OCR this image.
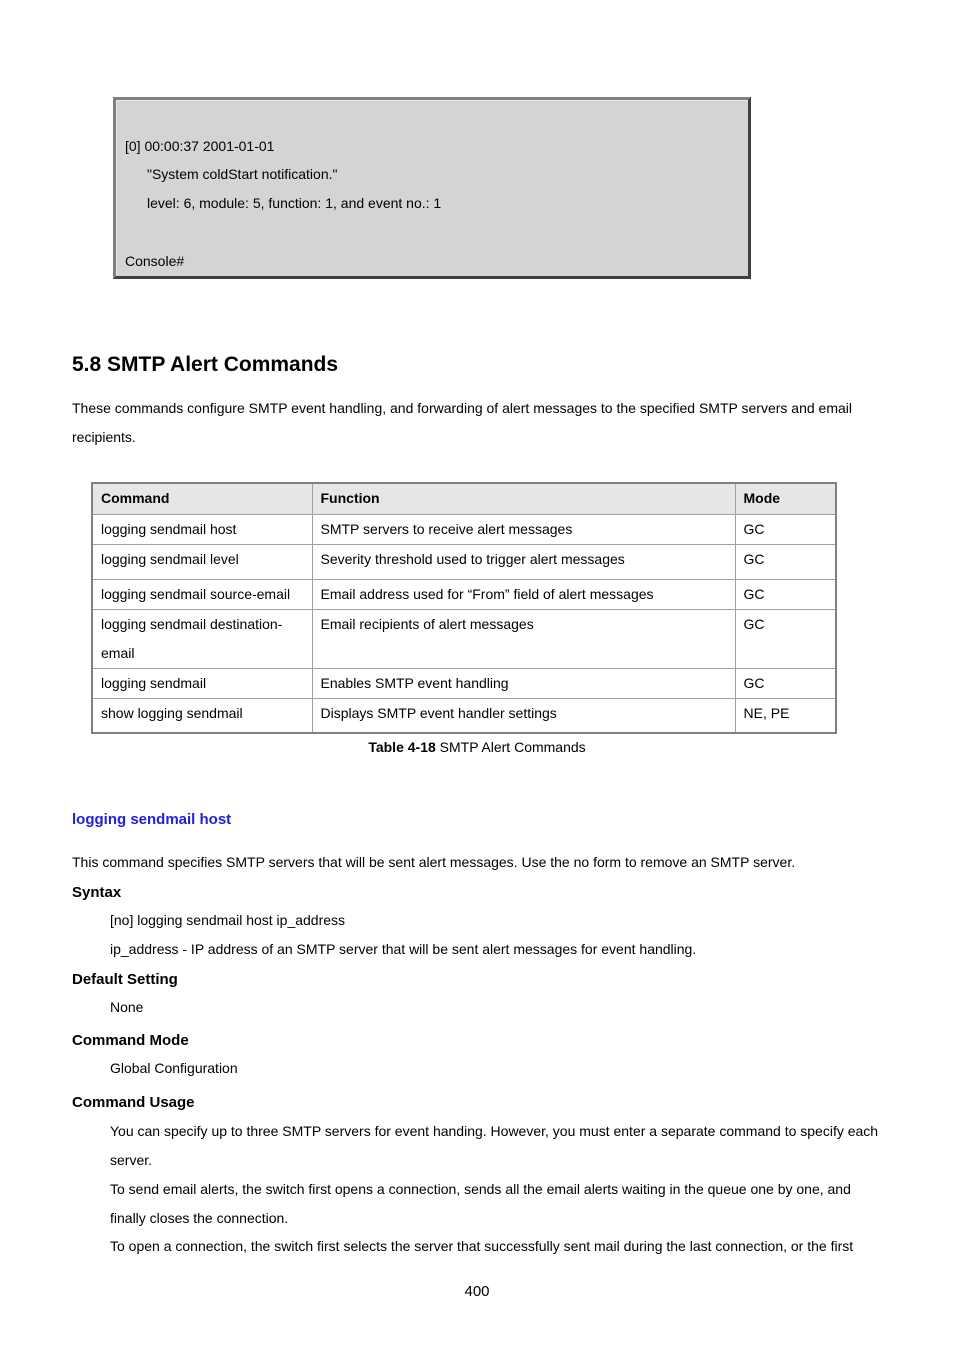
[0] 00:00:37 2001-01-01
"System coldStart notification."
level: 6, module: 5, function: 1, and event no.: 1
Console#
5.8 SMTP Alert Commands
These commands configure SMTP event handling, and forwarding of alert messages to the specified SMTP servers and email recipients.
Command	Function	Mode
logging sendmail host	SMTP servers to receive alert messages	GC
logging sendmail level	Severity threshold used to trigger alert messages	GC
logging sendmail source-email	Email address used for “From” field of alert messages	GC
logging sendmail destination-email	Email recipients of alert messages	GC
logging sendmail	Enables SMTP event handling	GC
show logging sendmail	Displays SMTP event handler settings	NE, PE
Table 4-18 SMTP Alert Commands
logging sendmail host
This command specifies SMTP servers that will be sent alert messages. Use the no form to remove an SMTP server.
Syntax
[no] logging sendmail host ip_address
ip_address - IP address of an SMTP server that will be sent alert messages for event handling.
Default Setting
None
Command Mode
Global Configuration
Command Usage
You can specify up to three SMTP servers for event handing. However, you must enter a separate command to specify each server.
To send email alerts, the switch first opens a connection, sends all the email alerts waiting in the queue one by one, and finally closes the connection.
To open a connection, the switch first selects the server that successfully sent mail during the last connection, or the first
400
